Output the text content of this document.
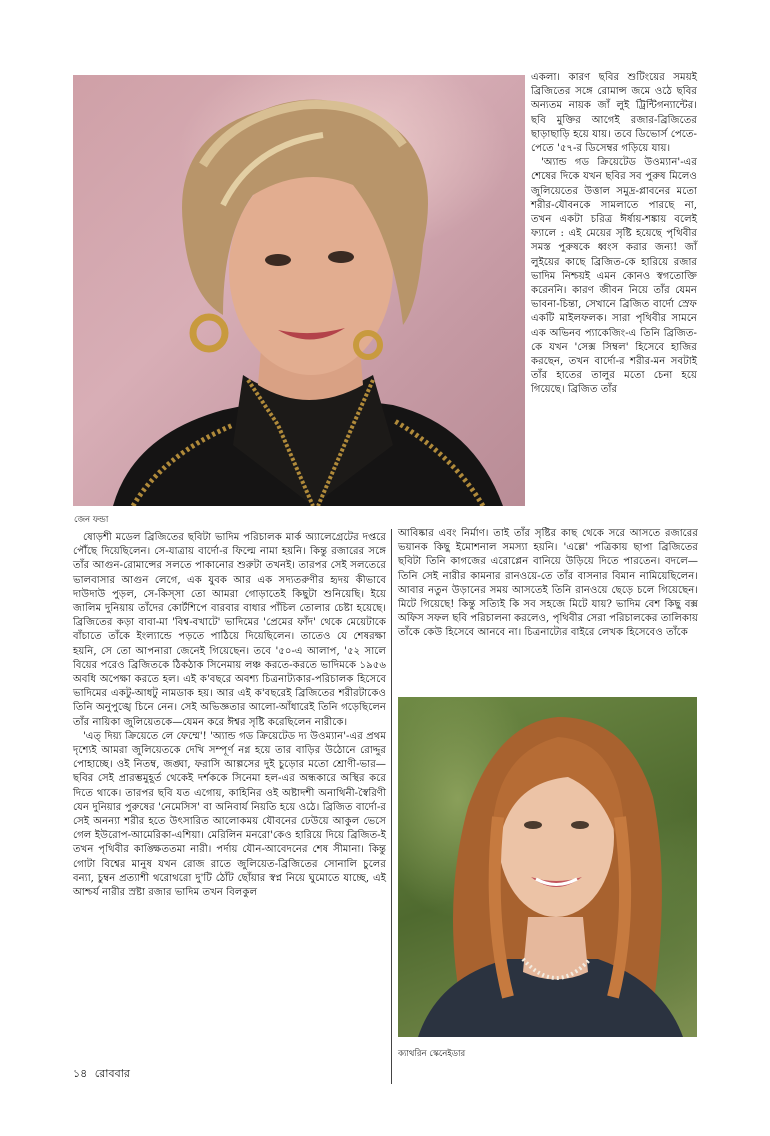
জেন ফন্ডা

একলা। কারণ ছবির শুটিংয়ের সময়ই ব্রিজিতের সঙ্গে রোমান্স জমে ওঠে ছবির অন্যতম নায়ক জাঁ লুই ট্রিন্টিগন্যান্টের। ছবি মুক্তির আগেই রজার-ব্রিজিতের ছাড়াছাড়ি হয়ে যায়। তবে ডিভোর্স পেতে-পেতে '৫৭-র ডিসেম্বর গড়িয়ে যায়।

'অ্যান্ড গড ক্রিয়েটেড উওম্যান'-এর শেষের দিকে যখন ছবির সব পুরুষ মিলেও জুলিয়েতের উত্তাল সমুদ্র-প্লাবনের মতো শরীর-যৌবনকে সামলাতে পারছে না, তখন একটা চরিত্র ঈর্ষায়-শঙ্কায় বলেই ফ্যালে : এই মেয়ের সৃষ্টি হয়েছে পৃথিবীর সমস্ত পুরুষকে ধ্বংস করার জন্য! জাঁ লুইয়ের কাছে ব্রিজিত-কে হারিয়ে রজার ভাদিম নিশ্চয়ই এমন কোনও স্বগতোক্তি করেননি। কারণ জীবন নিয়ে তাঁর যেমন ভাবনা-চিন্তা, সেখানে ব্রিজিত বার্দো স্রেফ একটি মাইলফলক। সারা পৃথিবীর সামনে এক অভিনব প্যাকেজিং-এ তিনি ব্রিজিত-কে যখন 'সেক্স সিম্বল' হিসেবে হাজির করছেন, তখন বার্দো-র শরীর-মন সবটাই তাঁর হাতের তালুর মতো চেনা হয়ে গিয়েছে। ব্রিজিত তাঁর

ষোড়শী মডেল ব্রিজিতের ছবিটা ভাদিম পরিচালক মার্ক অ্যালেগ্রেটের দপ্তরে পৌঁছে দিয়েছিলেন। সে-যাত্রায় বার্দো-র ফিল্মে নামা হয়নি। কিন্তু রজারের সঙ্গে তাঁর আগুন-রোমান্সের সলতে পাকানোর শুরুটা তখনই। তারপর সেই সলতেরে ভালবাসার আগুন লেগে, এক যুবক আর এক সদ্যতরুণীর হৃদয় কীভাবে দাউদাউ পুড়ল, সে-কিস্সা তো আমরা গোড়াতেই কিছুটা শুনিয়েছি। ইয়ে জালিম দুনিয়ায় তাঁদের কোর্টশিপে বারবার বাধার পাঁচিল তোলার চেষ্টা হয়েছে। ব্রিজিতের কড়া বাবা-মা 'বিশ্ব-বখাটে' ভাদিমের 'প্রেমের ফাঁদ' থেকে মেয়েটাকে বাঁচাতে তাঁকে ইংল্যান্ডে পড়তে পাঠিয়ে দিয়েছিলেন। তাতেও যে শেষরক্ষা হয়নি, সে তো আপনারা জেনেই গিয়েছেন। তবে '৫০-এ আলাপ, '৫২ সালে বিয়ের পরেও ব্রিজিতকে ঠিকঠাক সিনেমায় লঞ্চ করতে-করতে ভাদিমকে ১৯৫৬ অবধি অপেক্ষা করতে হল। এই ক'বছরে অবশ্য চিত্রনাট্যকার-পরিচালক হিসেবে ভাদিমের একটু-আধটু নামডাক হয়। আর এই ক'বছরেই ব্রিজিতের শরীরটাকেও তিনি অনুপুঙ্খে চিনে নেন। সেই অভিজ্ঞতার আলো-আঁধারেই তিনি গড়েছিলেন তাঁর নায়িকা জুলিয়েতকে—যেমন করে ঈশ্বর সৃষ্টি করেছিলেন নারীকে।

'এত্ দিয়্য ক্রিয়েতে লে ফেম্মে'! 'অ্যান্ড গড ক্রিয়েটেড দ্য উওম্যান'-এর প্রথম দৃশ্যেই আমরা জুলিয়েতকে দেখি সম্পূর্ণ নগ্ন হয়ে তার বাড়ির উঠোনে রোদ্দুর পোহাচ্ছে। ওই নিতম্ব, জঙ্ঘা, ফরাসি আল্পসের দুই চুড়োর মতো শ্রোণী-ভার—ছবির সেই প্রারম্ভমুহূর্ত থেকেই দর্শককে সিনেমা হল-এর অন্ধকারে অস্থির করে দিতে থাকে। তারপর ছবি যত এগোয়, কাহিনির ওই অষ্টাদশী অনাথিনী-স্বৈরিণী যেন দুনিয়ার পুরুষের 'নেমেসিস' বা অনিবার্য নিয়তি হয়ে ওঠে। ব্রিজিত বার্দো-র সেই অনন্যা শরীর হতে উৎসারিত আলোকময় যৌবনের ঢেউয়ে আকুল ভেসে গেল ইউরোপ-আমেরিকা-এশিয়া। মেরিলিন মনরো'কেও হারিয়ে দিয়ে ব্রিজিত-ই তখন পৃথিবীর কাঙ্ক্ষিততমা নারী। পর্দায় যৌন-আবেদনের শেষ সীমানা। কিন্তু গোটা বিশ্বের মানুষ যখন রোজ রাতে জুলিয়েত-ব্রিজিতের সোনালি চুলের বন্যা, চুম্বন প্রত্যাশী থরোথরো দু'টি ঠোঁট ছোঁয়ার স্বপ্ন নিয়ে ঘুমোতে যাচ্ছে, এই আশ্চর্য নারীর স্রষ্টা রজার ভাদিম তখন বিলকুল

আবিষ্কার এবং নির্মাণ। তাই তাঁর সৃষ্টির কাছ থেকে সরে আসতে রজারের ভয়ানক কিছু ইমোশনাল সমস্যা হয়নি। 'এল্লে' পত্রিকায় ছাপা ব্রিজিতের ছবিটা তিনি কাগজের এরোপ্লেন বানিয়ে উড়িয়ে দিতে পারতেন। বদলে—তিনি সেই নারীর কামনার রানওয়ে-তে তাঁর বাসনার বিমান নামিয়েছিলেন। আবার নতুন উড়ানের সময় আসতেই তিনি রানওয়ে ছেড়ে চলে গিয়েছেন। মিটে গিয়েছে! কিন্তু সত্যিই কি সব সহজে মিটে যায়? ভাদিম বেশ কিছু বক্স অফিস সফল ছবি পরিচালনা করলেও, পৃথিবীর সেরা পরিচালকের তালিকায় তাঁকে কেউ হিসেবে আনবে না। চিত্রনাট্যের বাইরে লেখক হিসেবেও তাঁকে

ক্যাথরিন স্কেনেইডার
১৪ রোববার
